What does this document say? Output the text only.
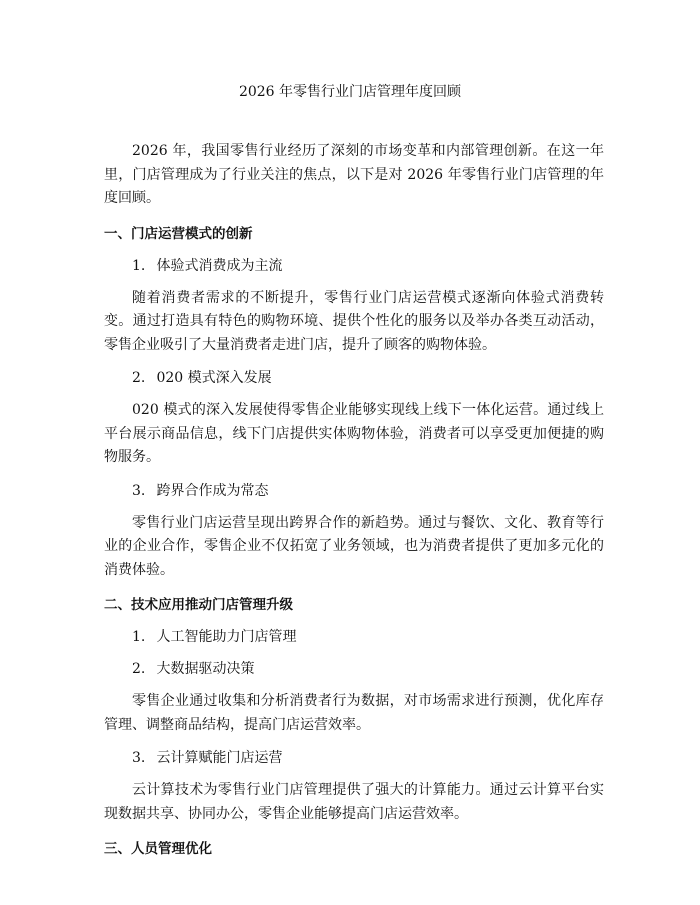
2026 年零售行业门店管理年度回顾

2026 年，我国零售行业经历了深刻的市场变革和内部管理创新。在这一年里，门店管理成为了行业关注的焦点，以下是对 2026 年零售行业门店管理的年度回顾。

一、门店运营模式的创新
1. 体验式消费成为主流

随着消费者需求的不断提升，零售行业门店运营模式逐渐向体验式消费转变。通过打造具有特色的购物环境、提供个性化的服务以及举办各类互动活动，零售企业吸引了大量消费者走进门店，提升了顾客的购物体验。

2. 020 模式深入发展

020 模式的深入发展使得零售企业能够实现线上线下一体化运营。通过线上平台展示商品信息，线下门店提供实体购物体验，消费者可以享受更加便捷的购物服务。

3. 跨界合作成为常态

零售行业门店运营呈现出跨界合作的新趋势。通过与餐饮、文化、教育等行业的企业合作，零售企业不仅拓宽了业务领域，也为消费者提供了更加多元化的消费体验。

二、技术应用推动门店管理升级
1. 人工智能助力门店管理
2. 大数据驱动决策

零售企业通过收集和分析消费者行为数据，对市场需求进行预测，优化库存管理、调整商品结构，提高门店运营效率。

3. 云计算赋能门店运营

云计算技术为零售行业门店管理提供了强大的计算能力。通过云计算平台实现数据共享、协同办公，零售企业能够提高门店运营效率。

三、人员管理优化
